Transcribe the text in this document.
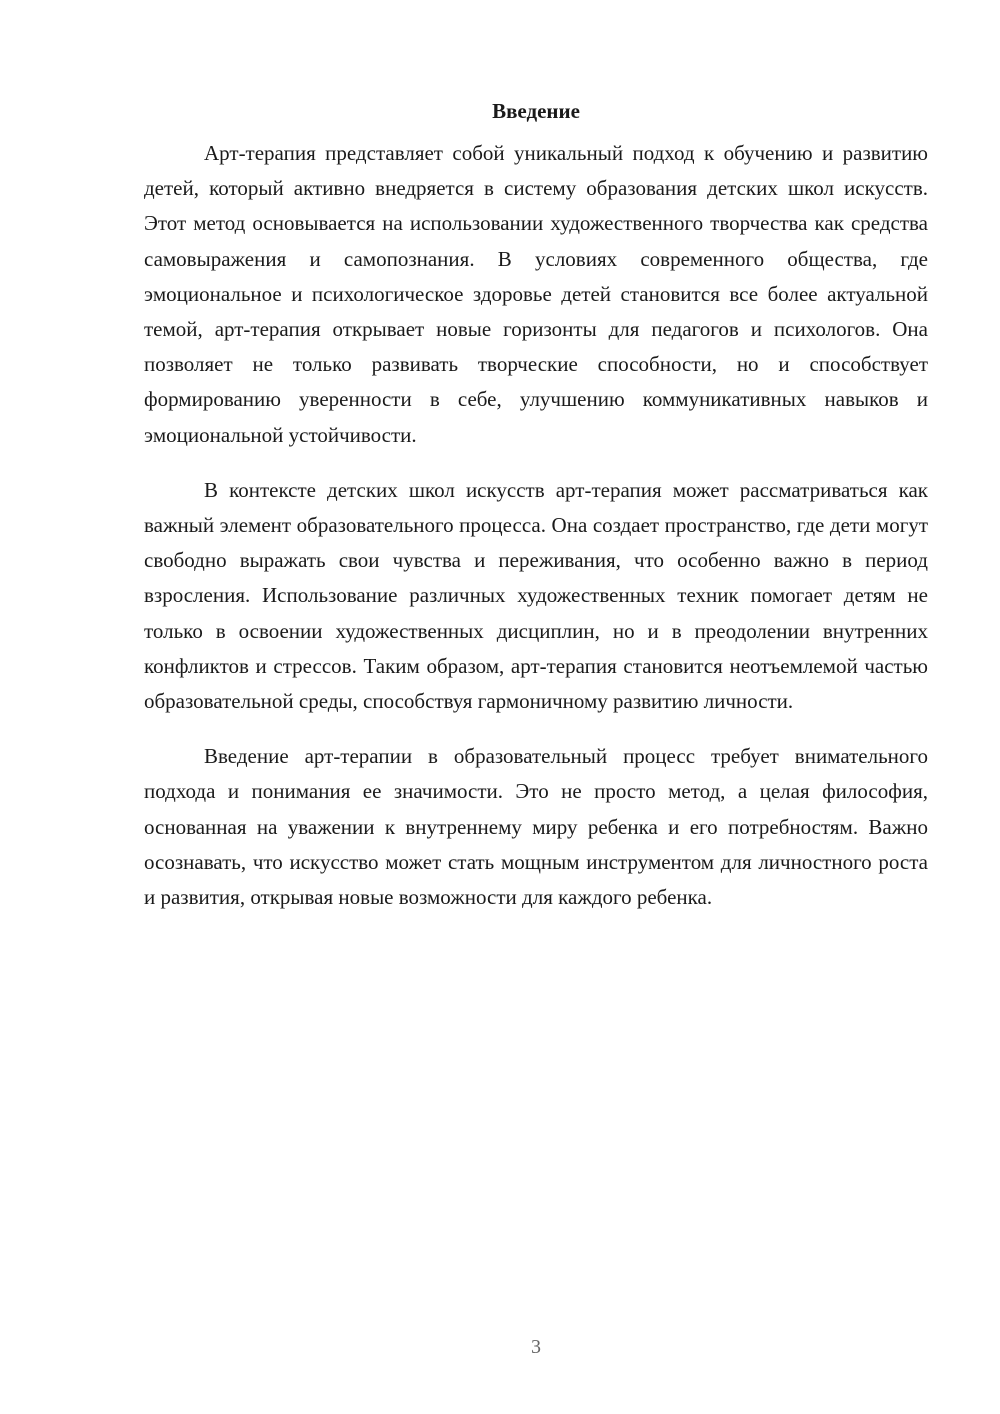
Введение

Арт-терапия представляет собой уникальный подход к обучению и развитию детей, который активно внедряется в систему образования детских школ искусств. Этот метод основывается на использовании художественного творчества как средства самовыражения и самопознания. В условиях современного общества, где эмоциональное и психологическое здоровье детей становится все более актуальной темой, арт-терапия открывает новые горизонты для педагогов и психологов. Она позволяет не только развивать творческие способности, но и способствует формированию уверенности в себе, улучшению коммуникативных навыков и эмоциональной устойчивости.

В контексте детских школ искусств арт-терапия может рассматриваться как важный элемент образовательного процесса. Она создает пространство, где дети могут свободно выражать свои чувства и переживания, что особенно важно в период взросления. Использование различных художественных техник помогает детям не только в освоении художественных дисциплин, но и в преодолении внутренних конфликтов и стрессов. Таким образом, арт-терапия становится неотъемлемой частью образовательной среды, способствуя гармоничному развитию личности.

Введение арт-терапии в образовательный процесс требует внимательного подхода и понимания ее значимости. Это не просто метод, а целая философия, основанная на уважении к внутреннему миру ребенка и его потребностям. Важно осознавать, что искусство может стать мощным инструментом для личностного роста и развития, открывая новые возможности для каждого ребенка.

3
